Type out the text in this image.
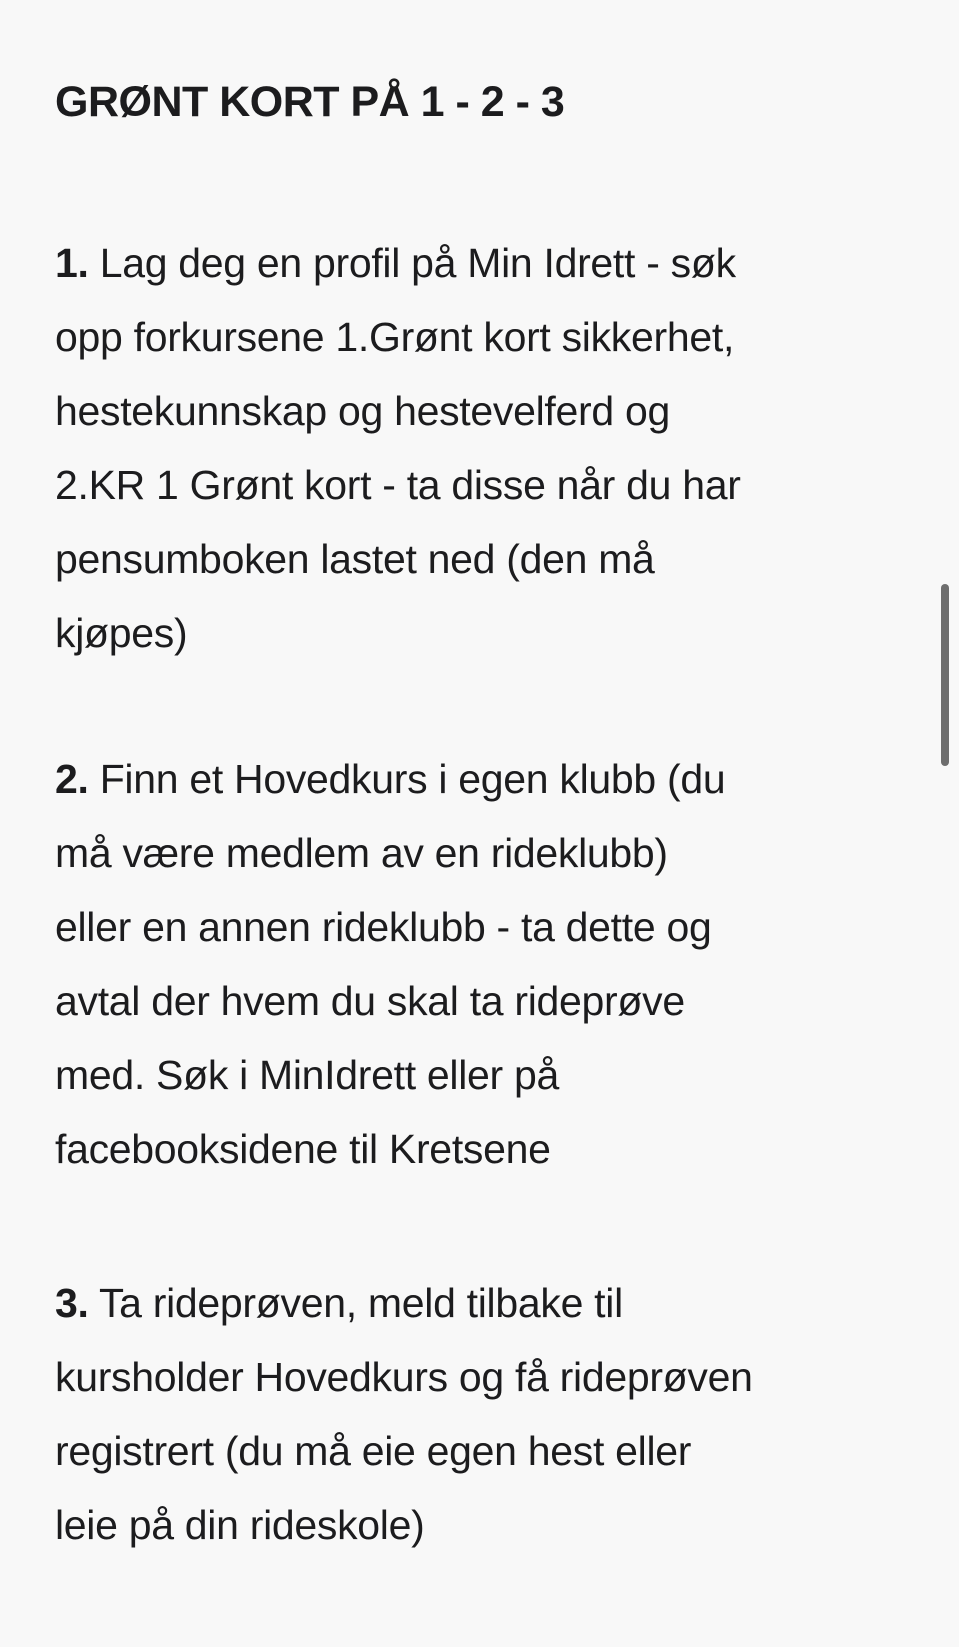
GRØNT KORT PÅ 1 - 2 - 3

1. Lag deg en profil på Min Idrett - søk
opp forkursene 1.Grønt kort sikkerhet,
hestekunnskap og hestevelferd og
2.KR 1 Grønt kort - ta disse når du har
pensumboken lastet ned (den må
kjøpes)

2. Finn et Hovedkurs i egen klubb (du
må være medlem av en rideklubb)
eller en annen rideklubb - ta dette og
avtal der hvem du skal ta rideprøve
med. Søk i MinIdrett eller på
facebooksidene til Kretsene

3. Ta rideprøven, meld tilbake til
kursholder Hovedkurs og få rideprøven
registrert (du må eie egen hest eller
leie på din rideskole)
